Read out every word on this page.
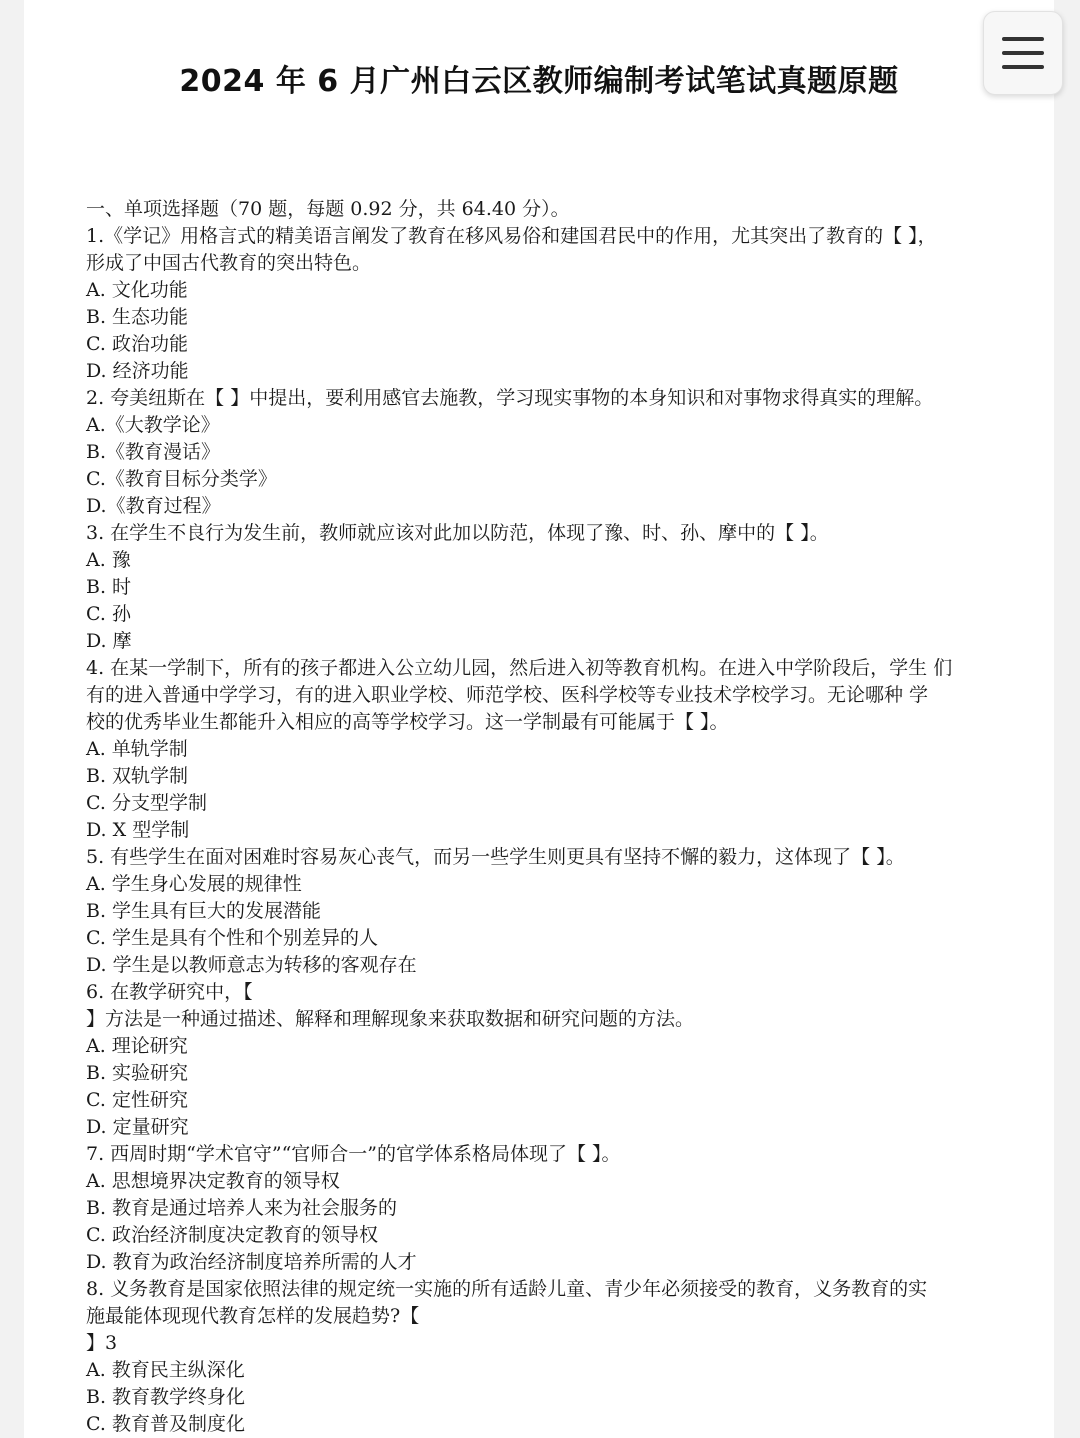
2024 年 6 月广州白云区教师编制考试笔试真题原题
一、单项选择题（70 题，每题 0.92 分，共 64.40 分）。
1.《学记》用格言式的精美语言阐发了教育在移风易俗和建国君民中的作用，尤其突出了教育的【 】，
形成了中国古代教育的突出特色。
A. 文化功能
B. 生态功能
C. 政治功能
D. 经济功能
2. 夸美纽斯在【 】中提出，要利用感官去施教，学习现实事物的本身知识和对事物求得真实的理解。
A.《大教学论》
B.《教育漫话》
C.《教育目标分类学》
D.《教育过程》
3. 在学生不良行为发生前，教师就应该对此加以防范，体现了豫、时、孙、摩中的【 】。
A. 豫
B. 时
C. 孙
D. 摩
4. 在某一学制下，所有的孩子都进入公立幼儿园，然后进入初等教育机构。在进入中学阶段后，学生 们
有的进入普通中学学习，有的进入职业学校、师范学校、医科学校等专业技术学校学习。无论哪种 学
校的优秀毕业生都能升入相应的高等学校学习。这一学制最有可能属于【 】。
A. 单轨学制
B. 双轨学制
C. 分支型学制
D. X 型学制
5. 有些学生在面对困难时容易灰心丧气，而另一些学生则更具有坚持不懈的毅力，这体现了【 】。
A. 学生身心发展的规律性
B. 学生具有巨大的发展潜能
C. 学生是具有个性和个别差异的人
D. 学生是以教师意志为转移的客观存在
6. 在教学研究中，【
】方法是一种通过描述、解释和理解现象来获取数据和研究问题的方法。
A. 理论研究
B. 实验研究
C. 定性研究
D. 定量研究
7. 西周时期“学术官守”“官师合一”的官学体系格局体现了【 】。
A. 思想境界决定教育的领导权
B. 教育是通过培养人来为社会服务的
C. 政治经济制度决定教育的领导权
D. 教育为政治经济制度培养所需的人才
8. 义务教育是国家依照法律的规定统一实施的所有适龄儿童、青少年必须接受的教育，义务教育的实
施最能体现现代教育怎样的发展趋势?【
】3
A. 教育民主纵深化
B. 教育教学终身化
C. 教育普及制度化
